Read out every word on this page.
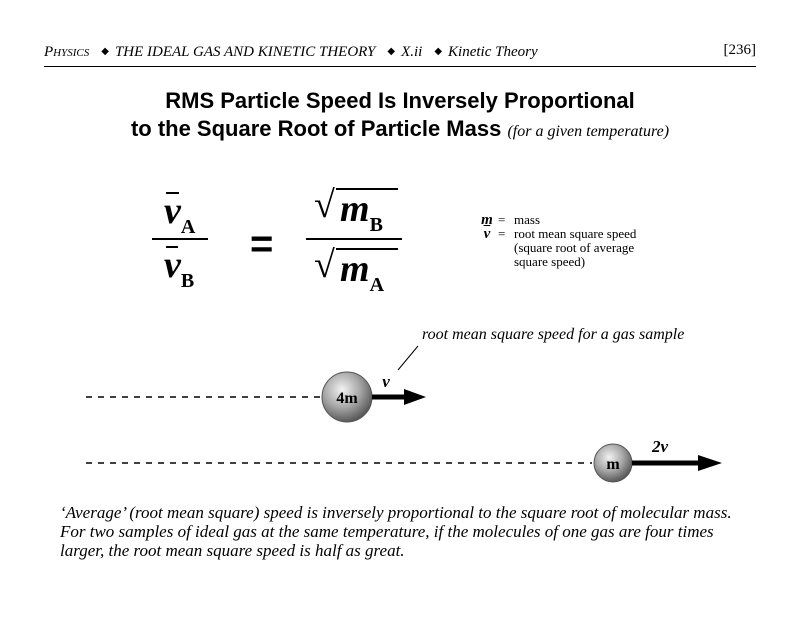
Physics ◆ THE IDEAL GAS AND KINETIC THEORY ◆ X.ii ◆ Kinetic Theory	[236]
RMS Particle Speed Is Inversely Proportional
to the Square Root of Particle Mass (for a given temperature)
$v_A$
$v_B$
=
√ $m_B$
√ $m_A$
m = mass
$\overline{v}$ = root mean square speed
(square root of average
square speed)
root mean square speed for a gas sample
4m
v
m
2v
‘Average’ (root mean square) speed is inversely proportional to the square root of molecular mass. For two samples of ideal gas at the same temperature, if the molecules of one gas are four times larger, the root mean square speed is half as great.
